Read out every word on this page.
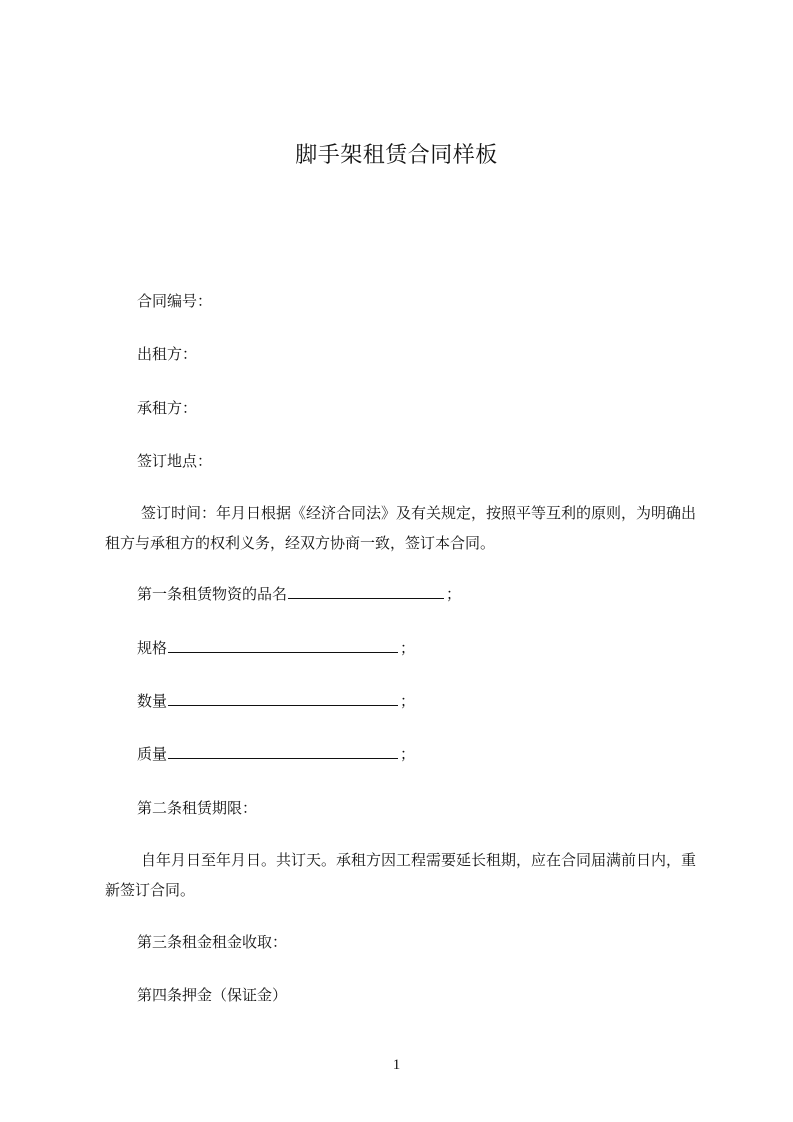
脚手架租赁合同样板
合同编号：
出租方：
承租方：
签订地点：
签订时间：年月日根据《经济合同法》及有关规定，按照平等互利的原则，为明确出租方与承租方的权利义务，经双方协商一致，签订本合同。
第一条租赁物资的品名	；
规格	；
数量	；
质量	；
第二条租赁期限：
自年月日至年月日。共订天。承租方因工程需要延长租期，应在合同届满前日内，重新签订合同。
第三条租金租金收取：
第四条押金（保证金）
1
